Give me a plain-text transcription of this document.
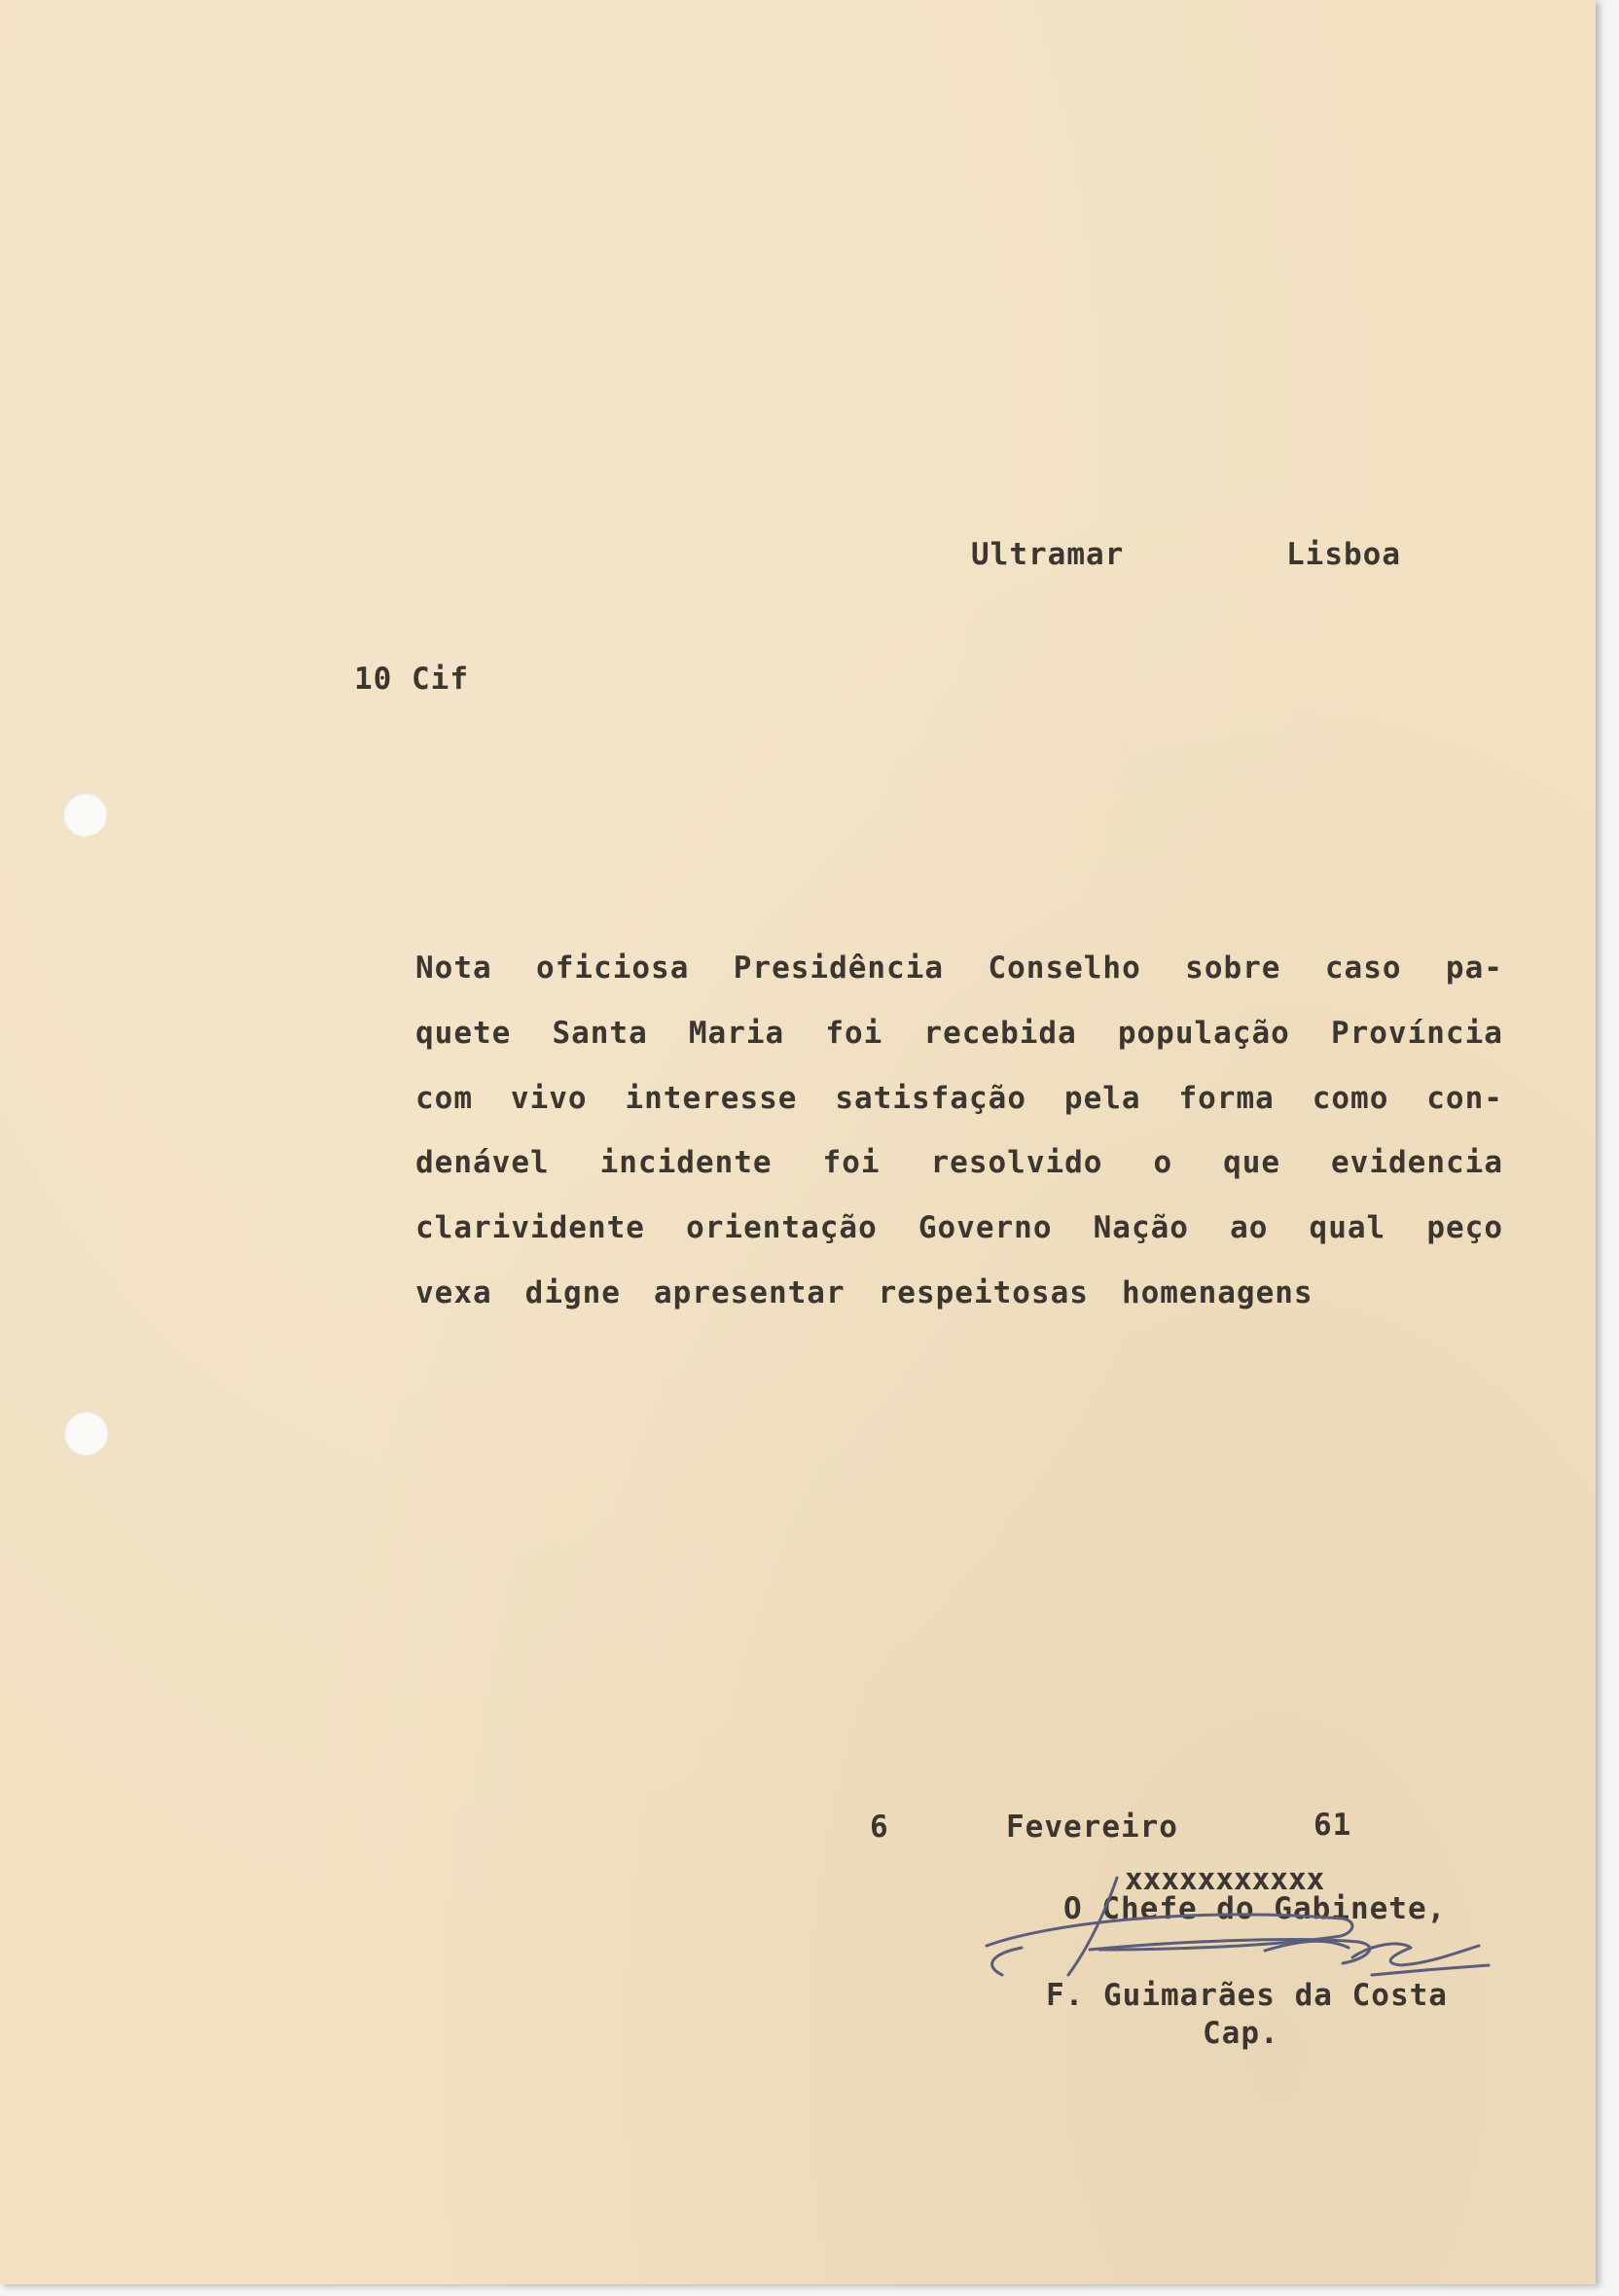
Ultramar	Lisboa
10 Cif
Nota oficiosa Presidência Conselho sobre caso pa-
quete Santa Maria foi recebida população Província
com vivo interesse satisfação pela forma como con-
denável incidente foi resolvido o que evidencia
clarividente orientação Governo Nação ao qual peço
vexa digne apresentar respeitosas homenagens
6	Fevereiro	61
xxxxxxxxxxx
O Chefe do Gabinete,
F. Guimarães da Costa
Cap.
